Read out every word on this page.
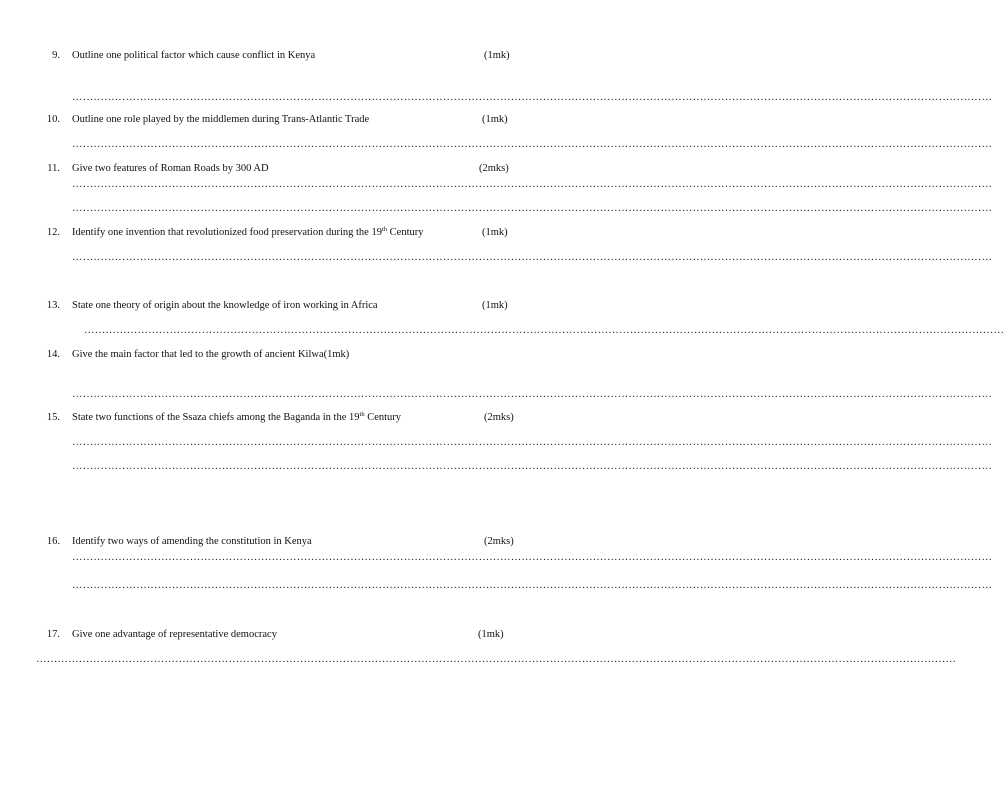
9. Outline one political factor which cause conflict in Kenya	(1mk)
……………………………………………………………………………………………………………………………………………………………………………………………………………………………………
10. Outline one role played by the middlemen during Trans-Atlantic Trade	(1mk)
……………………………………………………………………………………………………………………………………………………………………………………………………………………………………
11. Give two features of Roman Roads by 300 AD	(2mks)
……………………………………………………………………………………………………………………………………………………………………………………………………………………………………
……………………………………………………………………………………………………………………………………………………………………………………………………………………………………
12. Identify one invention that revolutionized food preservation during the 19th Century	(1mk)
……………………………………………………………………………………………………………………………………………………………………………………………………………………………………
13. State one theory of origin about the knowledge of iron working in Africa	(1mk)
……………………………………………………………………………………………………………………………………………………………………………………………………………………………………
14. Give the main factor that led to the growth of ancient Kilwa(1mk)
……………………………………………………………………………………………………………………………………………………………………………………………………………………………………
15. State two functions of the Ssaza chiefs among the Baganda in the 19th Century	(2mks)
……………………………………………………………………………………………………………………………………………………………………………………………………………………………………
……………………………………………………………………………………………………………………………………………………………………………………………………………………………………
16. Identify two ways of amending the constitution in Kenya	(2mks)
……………………………………………………………………………………………………………………………………………………………………………………………………………………………………
……………………………………………………………………………………………………………………………………………………………………………………………………………………………………
17. Give one advantage of representative democracy	(1mk)
……………………………………………………………………………………………………………………………………………………………………………………………………………………………………
